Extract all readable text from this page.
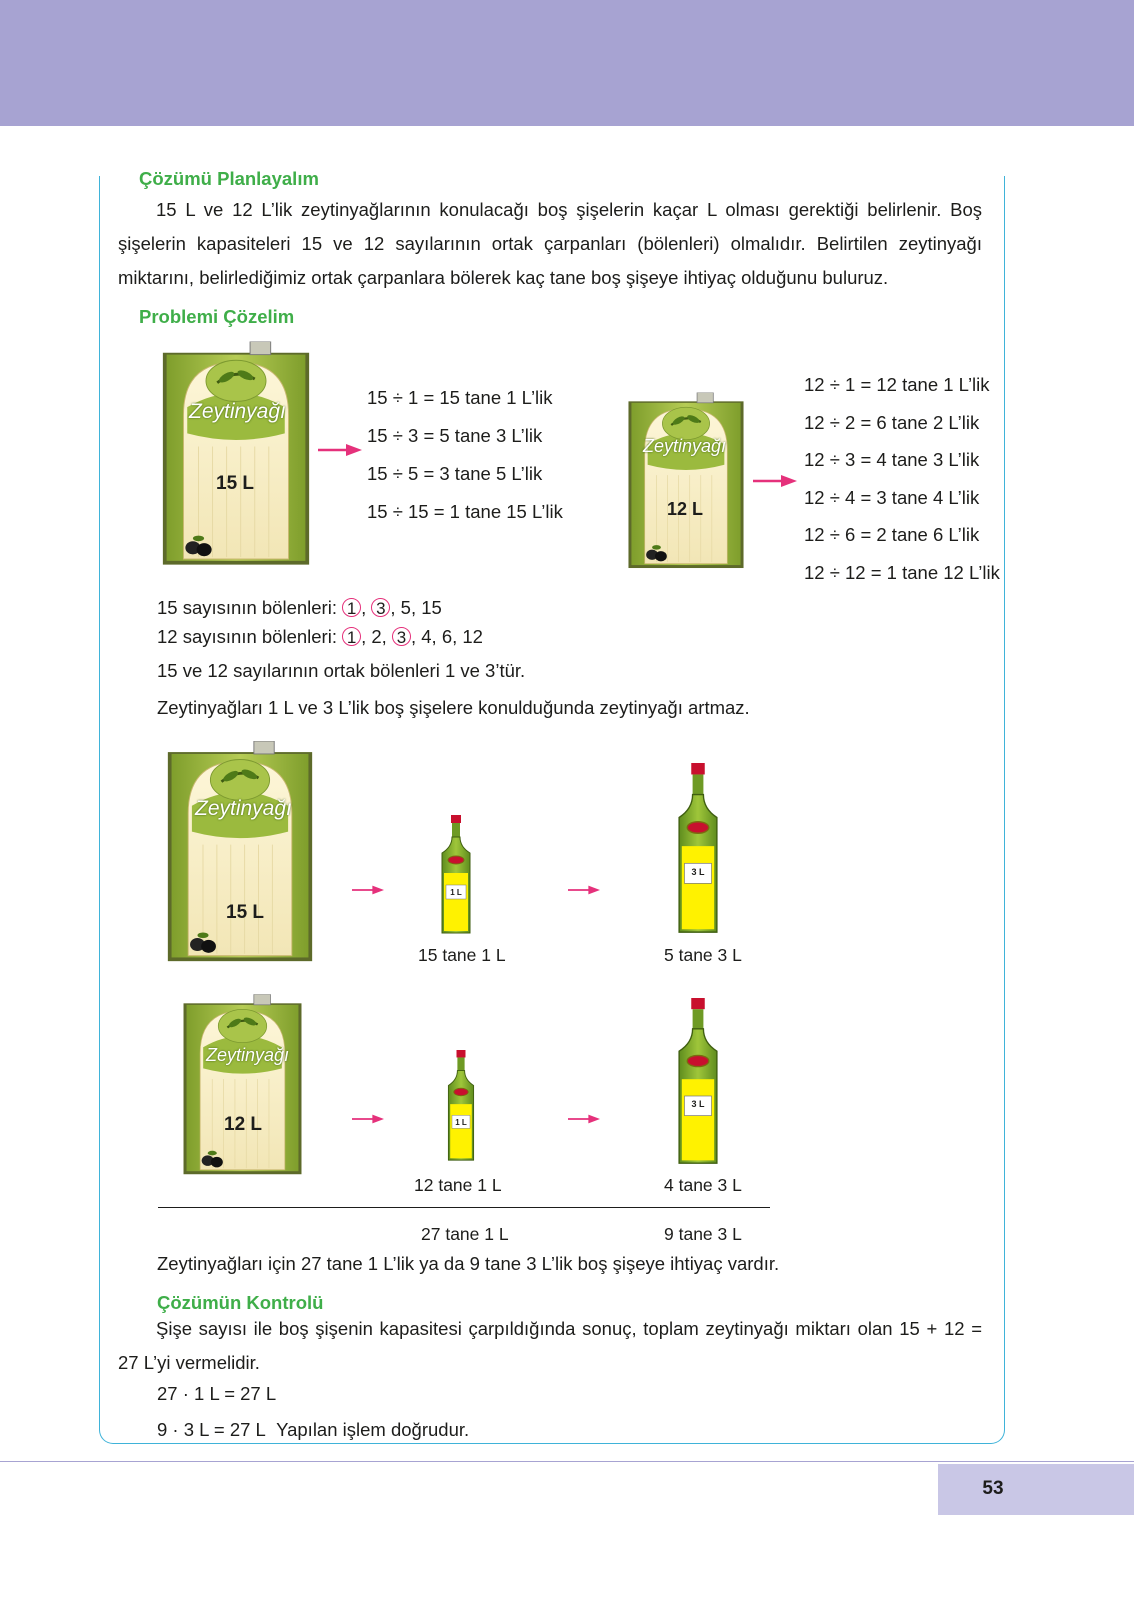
Çözümü Planlayalım
15 L ve 12 L’lik zeytinyağlarının konulacağı boş şişelerin kaçar L olması gerektiği belirlenir. Boş şişelerin kapasiteleri 15 ve 12 sayılarının ortak çarpanları (bölenleri) olmalıdır. Belirtilen zeytinyağı miktarını, belirlediğimiz ortak çarpanlara bölerek kaç tane boş şişeye ihtiyaç olduğunu buluruz.
Problemi Çözelim
Zeytinyağı
15 L
15 ÷ 1 = 15 tane 1 L’lik
15 ÷ 3 = 5 tane 3 L’lik
15 ÷ 5 = 3 tane 5 L’lik
15 ÷ 15 = 1 tane 15 L’lik
Zeytinyağı
12 L
12 ÷ 1 = 12 tane 1 L’lik
12 ÷ 2 = 6 tane 2 L’lik
12 ÷ 3 = 4 tane 3 L’lik
12 ÷ 4 = 3 tane 4 L’lik
12 ÷ 6 = 2 tane 6 L’lik
12 ÷ 12 = 1 tane 12 L’lik
15 sayısının bölenleri: 1 , 3 , 5, 15
12 sayısının bölenleri: 1 , 2, 3 , 4, 6, 12
15 ve 12 sayılarının ortak bölenleri 1 ve 3’tür.
Zeytinyağları 1 L ve 3 L’lik boş şişelere konulduğunda zeytinyağı artmaz.
Zeytinyağı
15 L
1 L
3 L
15 tane 1 L	5 tane 3 L
Zeytinyağı
12 L	1 L
3 L
12 tane 1 L	4 tane 3 L
27 tane 1 L	9 tane 3 L
Zeytinyağları için 27 tane 1 L’lik ya da 9 tane 3 L’lik boş şişeye ihtiyaç vardır.
Çözümün Kontrolü
Şişe sayısı ile boş şişenin kapasitesi çarpıldığında sonuç, toplam zeytinyağı miktarı olan 15 + 12 = 27 L’yi vermelidir.
27 · 1 L = 27 L
9 · 3 L = 27 L Yapılan işlem doğrudur.
53
